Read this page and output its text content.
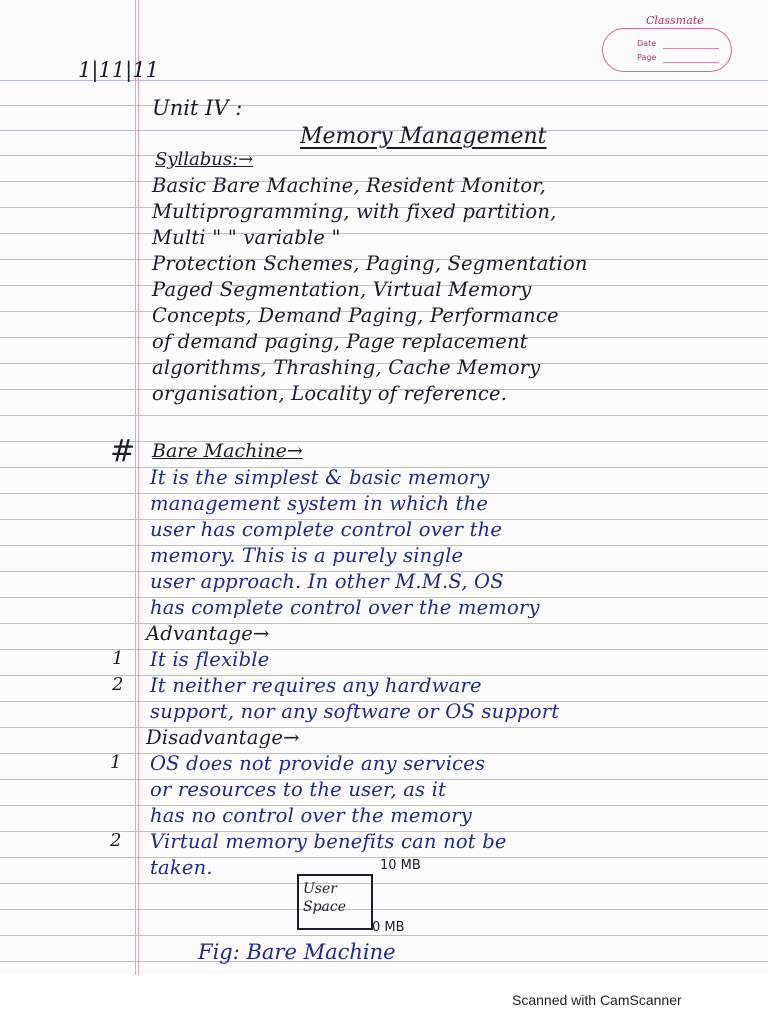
Classmate
Date
Page
1|11|11
Unit IV :
Memory Management
Syllabus:→
Basic Bare Machine, Resident Monitor,
Multiprogramming, with fixed partition,
Multi " " variable "
Protection Schemes, Paging, Segmentation
Paged Segmentation, Virtual Memory
Concepts, Demand Paging, Performance
of demand paging, Page replacement
algorithms, Thrashing, Cache Memory
organisation, Locality of reference.
# Bare Machine→
It is the simplest & basic memory
management system in which the
user has complete control over the
memory. This is a purely single
user approach. In other M.M.S, OS
has complete control over the memory
Advantage→
1 It is flexible
2 It neither requires any hardware
support, nor any software or OS support
Disadvantage→
1 OS does not provide any services
or resources to the user, as it
has no control over the memory
2 Virtual memory benefits can not be
taken.
User
Space
10 MB
0 MB
Fig: Bare Machine
Scanned with CamScanner
